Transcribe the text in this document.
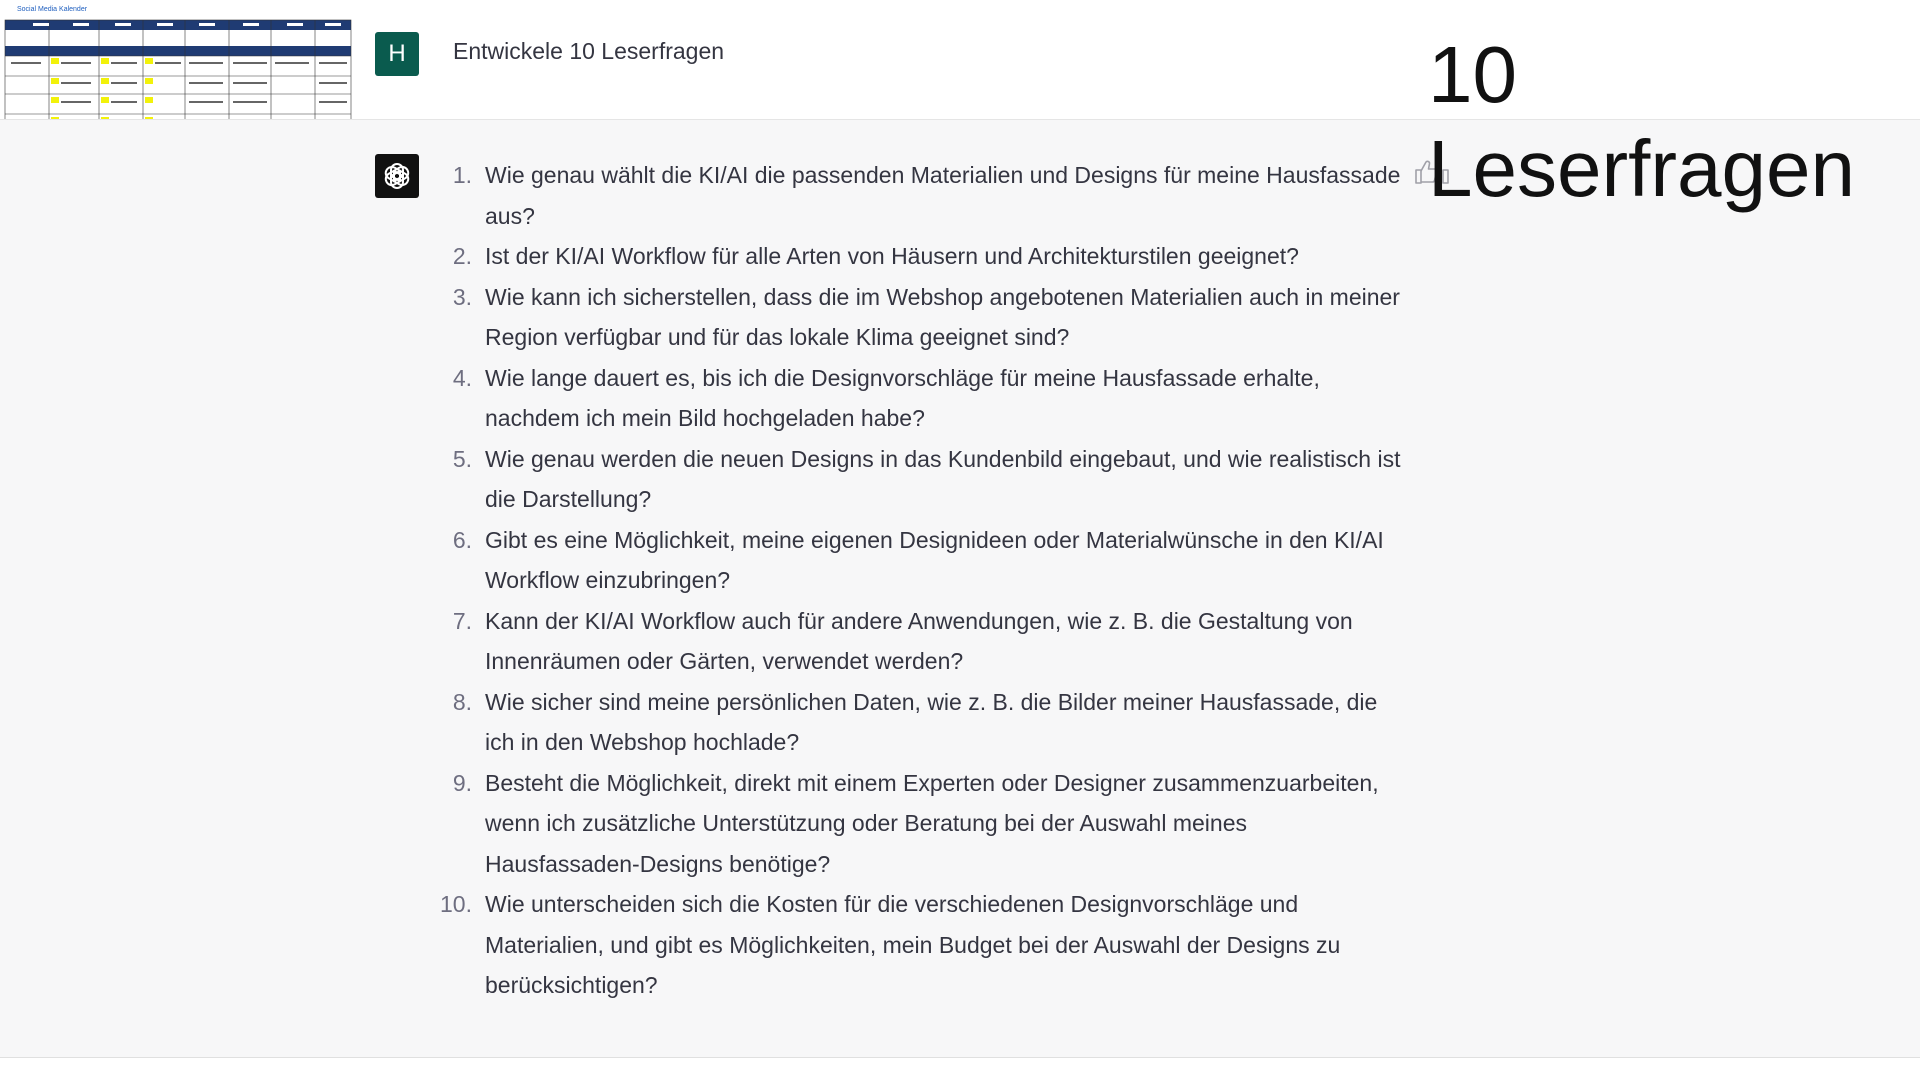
Social Media Kalender
H	Entwickele 10 Leserfragen
1. Wie genau wählt die KI/AI die passenden Materialien und Designs für meine Hausfassade aus?
2. Ist der KI/AI Workflow für alle Arten von Häusern und Architekturstilen geeignet?
3. Wie kann ich sicherstellen, dass die im Webshop angebotenen Materialien auch in meiner Region verfügbar und für das lokale Klima geeignet sind?
4. Wie lange dauert es, bis ich die Designvorschläge für meine Hausfassade erhalte, nachdem ich mein Bild hochgeladen habe?
5. Wie genau werden die neuen Designs in das Kundenbild eingebaut, und wie realistisch ist die Darstellung?
6. Gibt es eine Möglichkeit, meine eigenen Designideen oder Materialwünsche in den KI/AI Workflow einzubringen?
7. Kann der KI/AI Workflow auch für andere Anwendungen, wie z. B. die Gestaltung von Innenräumen oder Gärten, verwendet werden?
8. Wie sicher sind meine persönlichen Daten, wie z. B. die Bilder meiner Hausfassade, die ich in den Webshop hochlade?
9. Besteht die Möglichkeit, direkt mit einem Experten oder Designer zusammenzuarbeiten, wenn ich zusätzliche Unterstützung oder Beratung bei der Auswahl meines Hausfassaden-Designs benötige?
10. Wie unterscheiden sich die Kosten für die verschiedenen Designvorschläge und Materialien, und gibt es Möglichkeiten, mein Budget bei der Auswahl der Designs zu berücksichtigen?
10
Leserfragen
